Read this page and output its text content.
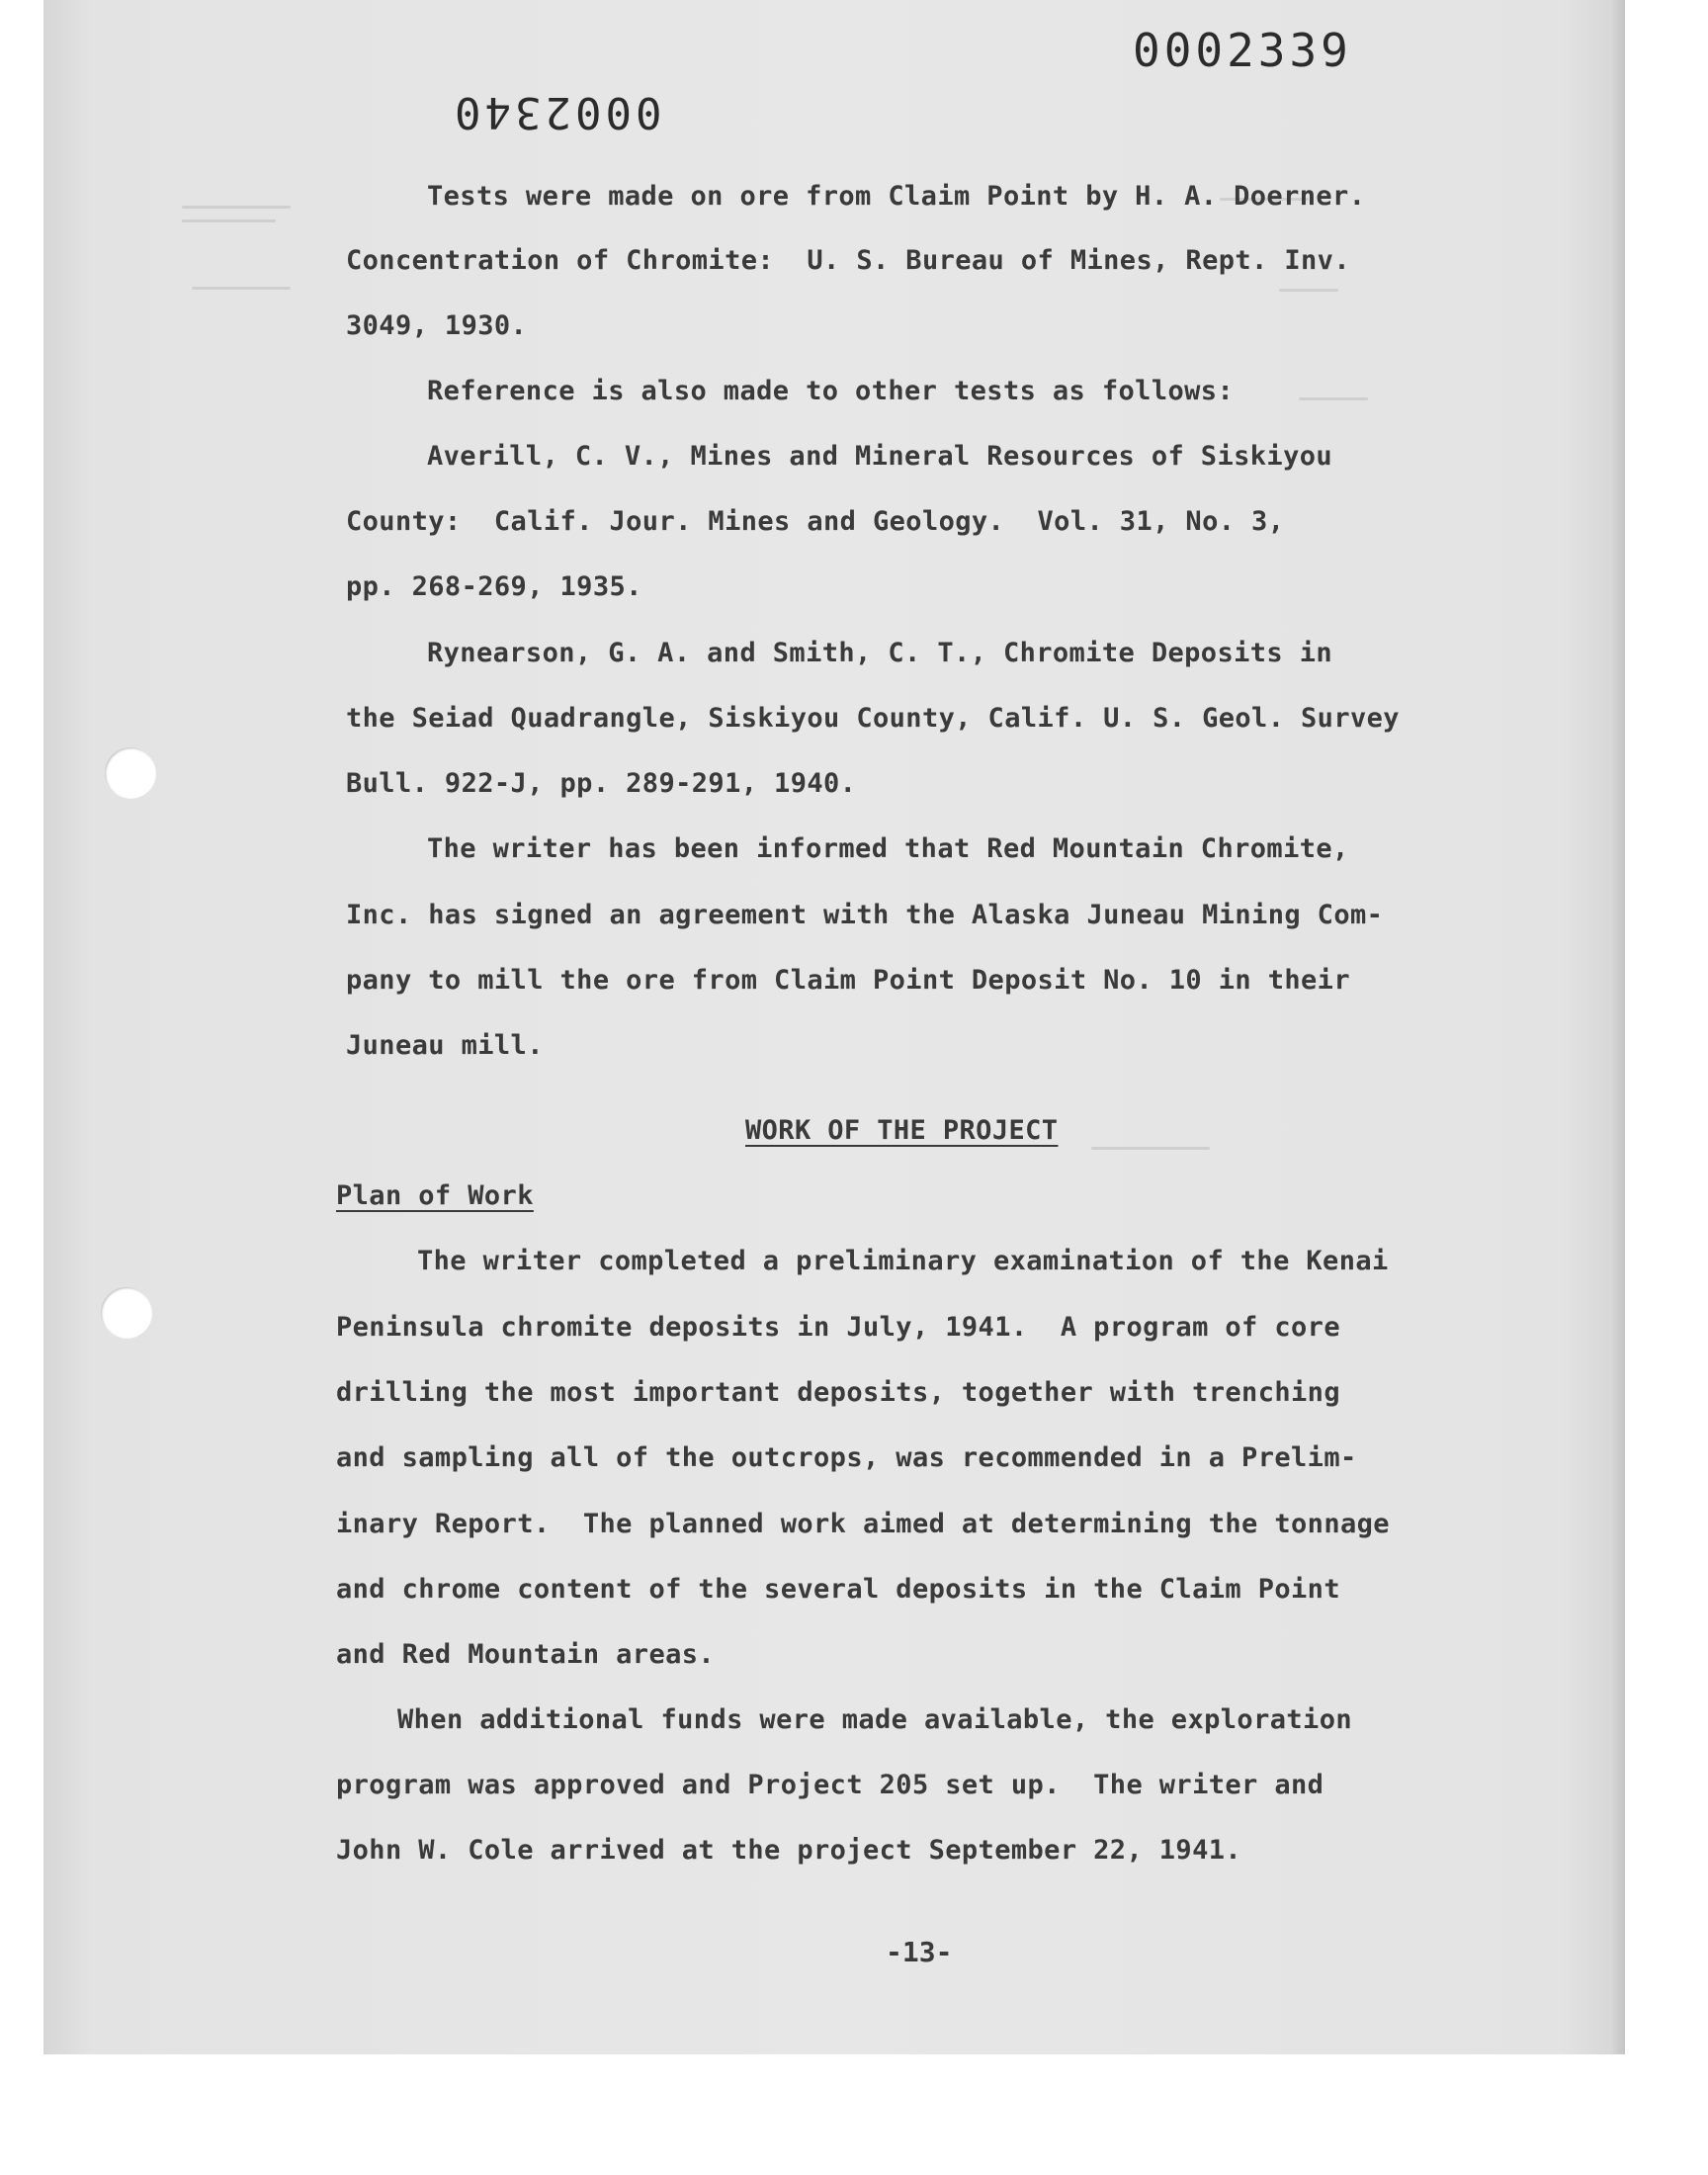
0002339
0002340
Tests were made on ore from Claim Point by H. A. Doerner.
Concentration of Chromite:  U. S. Bureau of Mines, Rept. Inv.
3049, 1930.
Reference is also made to other tests as follows:
Averill, C. V., Mines and Mineral Resources of Siskiyou
County:  Calif. Jour. Mines and Geology.  Vol. 31, No. 3,
pp. 268-269, 1935.
Rynearson, G. A. and Smith, C. T., Chromite Deposits in
the Seiad Quadrangle, Siskiyou County, Calif. U. S. Geol. Survey
Bull. 922-J, pp. 289-291, 1940.
The writer has been informed that Red Mountain Chromite,
Inc. has signed an agreement with the Alaska Juneau Mining Com-
pany to mill the ore from Claim Point Deposit No. 10 in their
Juneau mill.
WORK OF THE PROJECT
Plan of Work
The writer completed a preliminary examination of the Kenai
Peninsula chromite deposits in July, 1941.  A program of core
drilling the most important deposits, together with trenching
and sampling all of the outcrops, was recommended in a Prelim-
inary Report.  The planned work aimed at determining the tonnage
and chrome content of the several deposits in the Claim Point
and Red Mountain areas.
When additional funds were made available, the exploration
program was approved and Project 205 set up.  The writer and
John W. Cole arrived at the project September 22, 1941.
-13-
